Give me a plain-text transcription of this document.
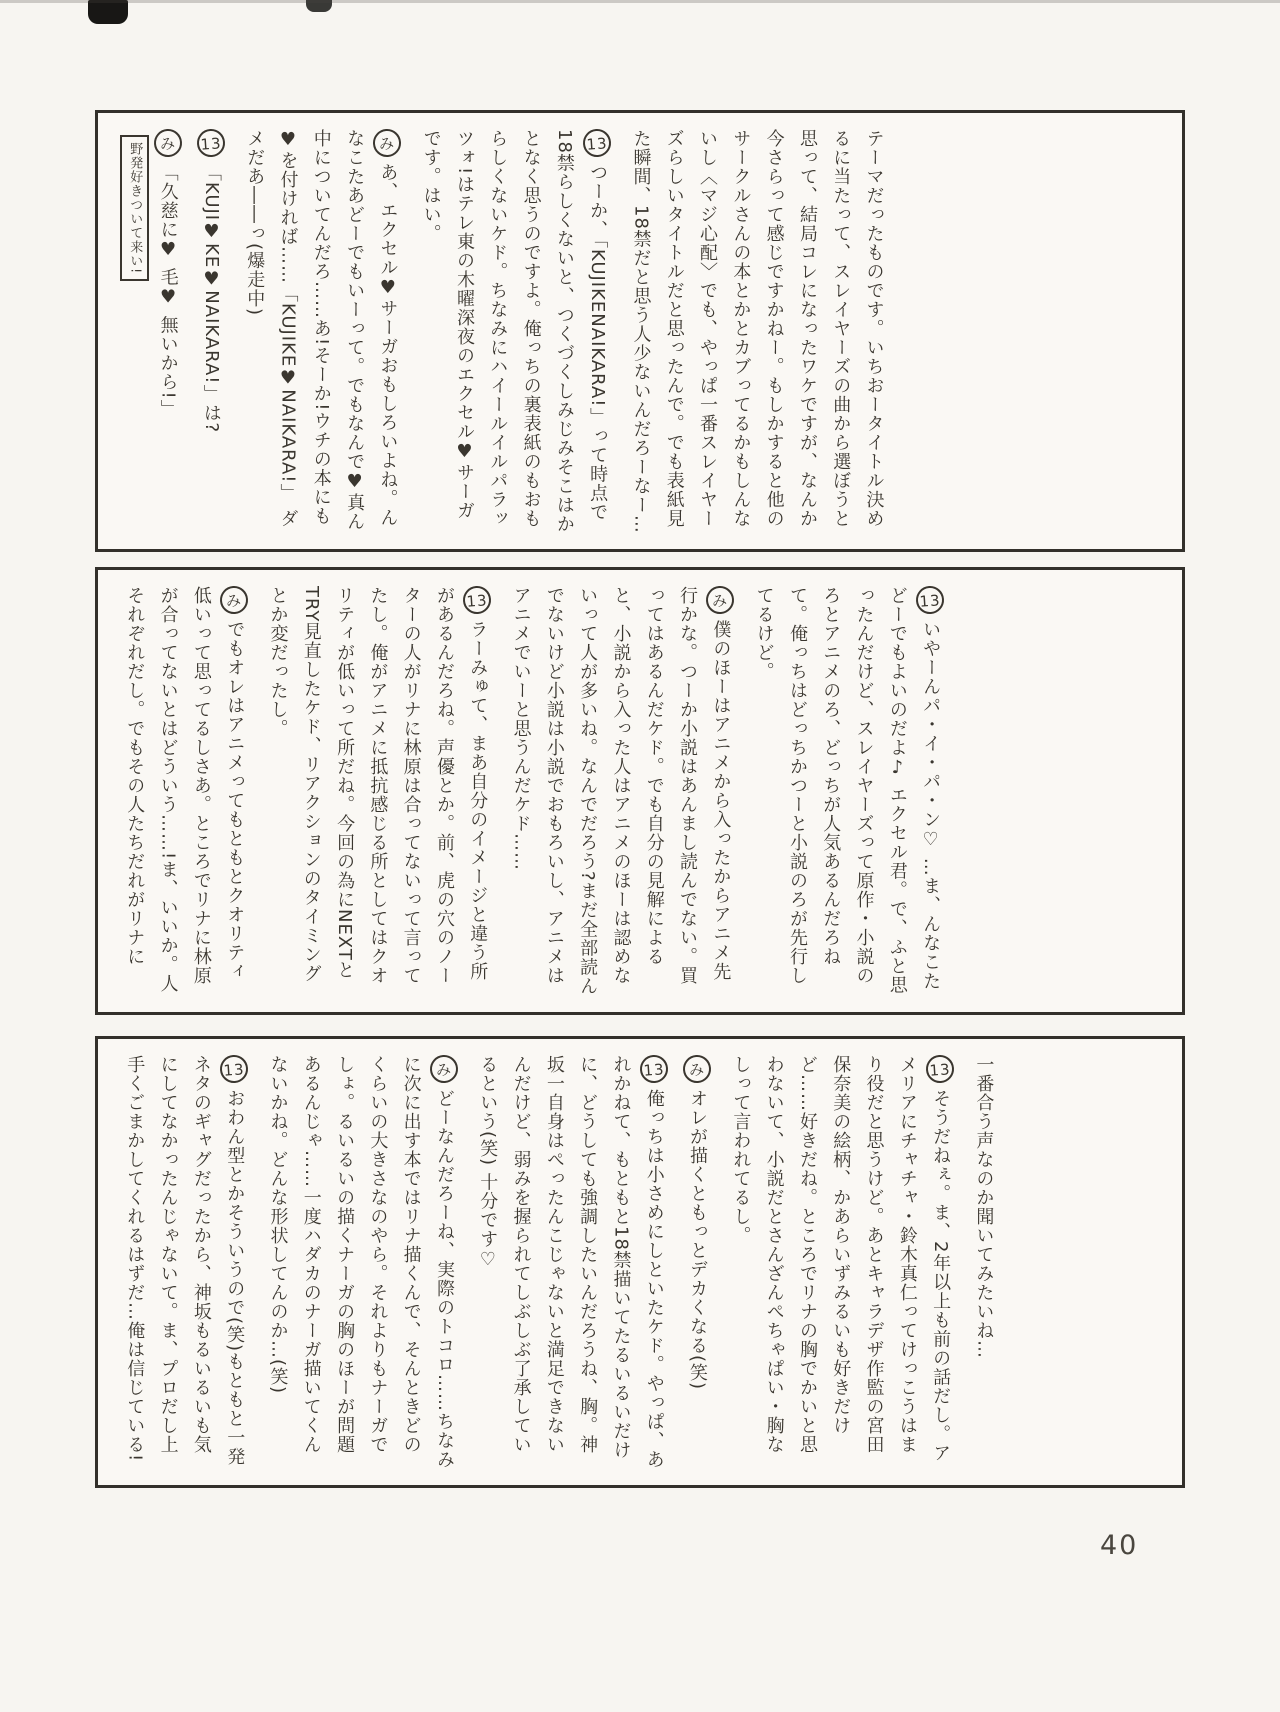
テーマだったものです。いちおータイトル決めるに当たって、スレイヤーズの曲から選ぼうと思って、結局コレになったワケですが、なんか今さらって感じですかねー。もしかすると他のサークルさんの本とかとカブってるかもしんないし〈マジ心配〉でも、やっぱ一番スレイヤーズらしいタイトルだと思ったんで。でも表紙見た瞬間、18禁だと思う人少ないんだろーなー…
13つーか、「KUJIKENAIKARA!」って時点で18禁らしくないと、つくづくしみじみそこはかとなく思うのですよ。俺っちの裏表紙のもおもらしくないケド。ちなみにハイールイルパラッツォ!はテレ東の木曜深夜のエクセル♥サーガです。はい。
みあ、エクセル♥サーガおもしろいよね。んなこたあどーでもいーって。でもなんで♥真ん中についてんだろ……あ!そーか!ウチの本にも♥を付ければ……「KUJIKE♥NAIKARA!」 ダメだあ――っ(爆走中)
13「KUJI♥KE♥NAIKARA!」は?
み「久慈に♥ 毛♥ 無いから!」野発好きついて来い!
13いやーんパ・イ・パ・ン♡ …ま、んなこたどーでもよいのだよ♪ エクセル君。で、ふと思ったんだけど、スレイヤーズって原作・小説のろとアニメのろ、どっちが人気あるんだろねて。俺っちはどっちかつーと小説のろが先行してるけど。
み僕のほーはアニメから入ったからアニメ先行かな。つーか小説はあんまし読んでない。買ってはあるんだケド。でも自分の見解によると、小説から入った人はアニメのほーは認めないって人が多いね。なんでだろう?まだ全部読んでないけど小説は小説でおもろいし、アニメはアニメでいーと思うんだケド……
13ラーみゅて、まあ自分のイメージと違う所があるんだろね。声優とか。前、虎の穴のノーターの人がリナに林原は合ってないって言ってたし。俺がアニメに抵抗感じる所としてはクオリティが低いって所だね。今回の為にNEXTとTRY見直したケド、リアクションのタイミングとか変だったし。
みでもオレはアニメってもともとクオリティ低いって思ってるしさあ。ところでリナに林原が合ってないとはどういう……!ま、いいか。人それぞれだし。でもその人たちだれがリナに
一番合う声なのか聞いてみたいね…
13そうだねぇ。ま、2年以上も前の話だし。アメリアにチャチャ・鈴木真仁ってけっこうはまり役だと思うけど。あとキャラデザ作監の宮田保奈美の絵柄、かあらいずみるいも好きだけど……好きだね。ところでリナの胸でかいと思わないて、小説だとさんざんぺちゃぱい・胸なしって言われてるし。
みオレが描くともっとデカくなる(笑)
13俺っちは小さめにしといたケド。やっぱ、あれかねて、もともと18禁描いてたるいるいだけに、どうしても強調したいんだろうね、胸。神坂一自身はぺったんこじゃないと満足できないんだけど、弱みを握られてしぶしぶ了承しているという(笑) 十分です♡
みどーなんだろーね、実際のトコロ……ちなみに次に出す本ではリナ描くんで、そんときどのくらいの大きさなのやら。それよりもナーガでしょ。るいるいの描くナーガの胸のほーが問題あるんじゃ……一度ハダカのナーガ描いてくんないかね。どんな形状してんのか…(笑)
13おわん型とかそういうので(笑)もともと一発ネタのギャグだったから、神坂もるいるいも気にしてなかったんじゃないて。ま、プロだし上手くごまかしてくれるはずだ…俺は信じている!
40
